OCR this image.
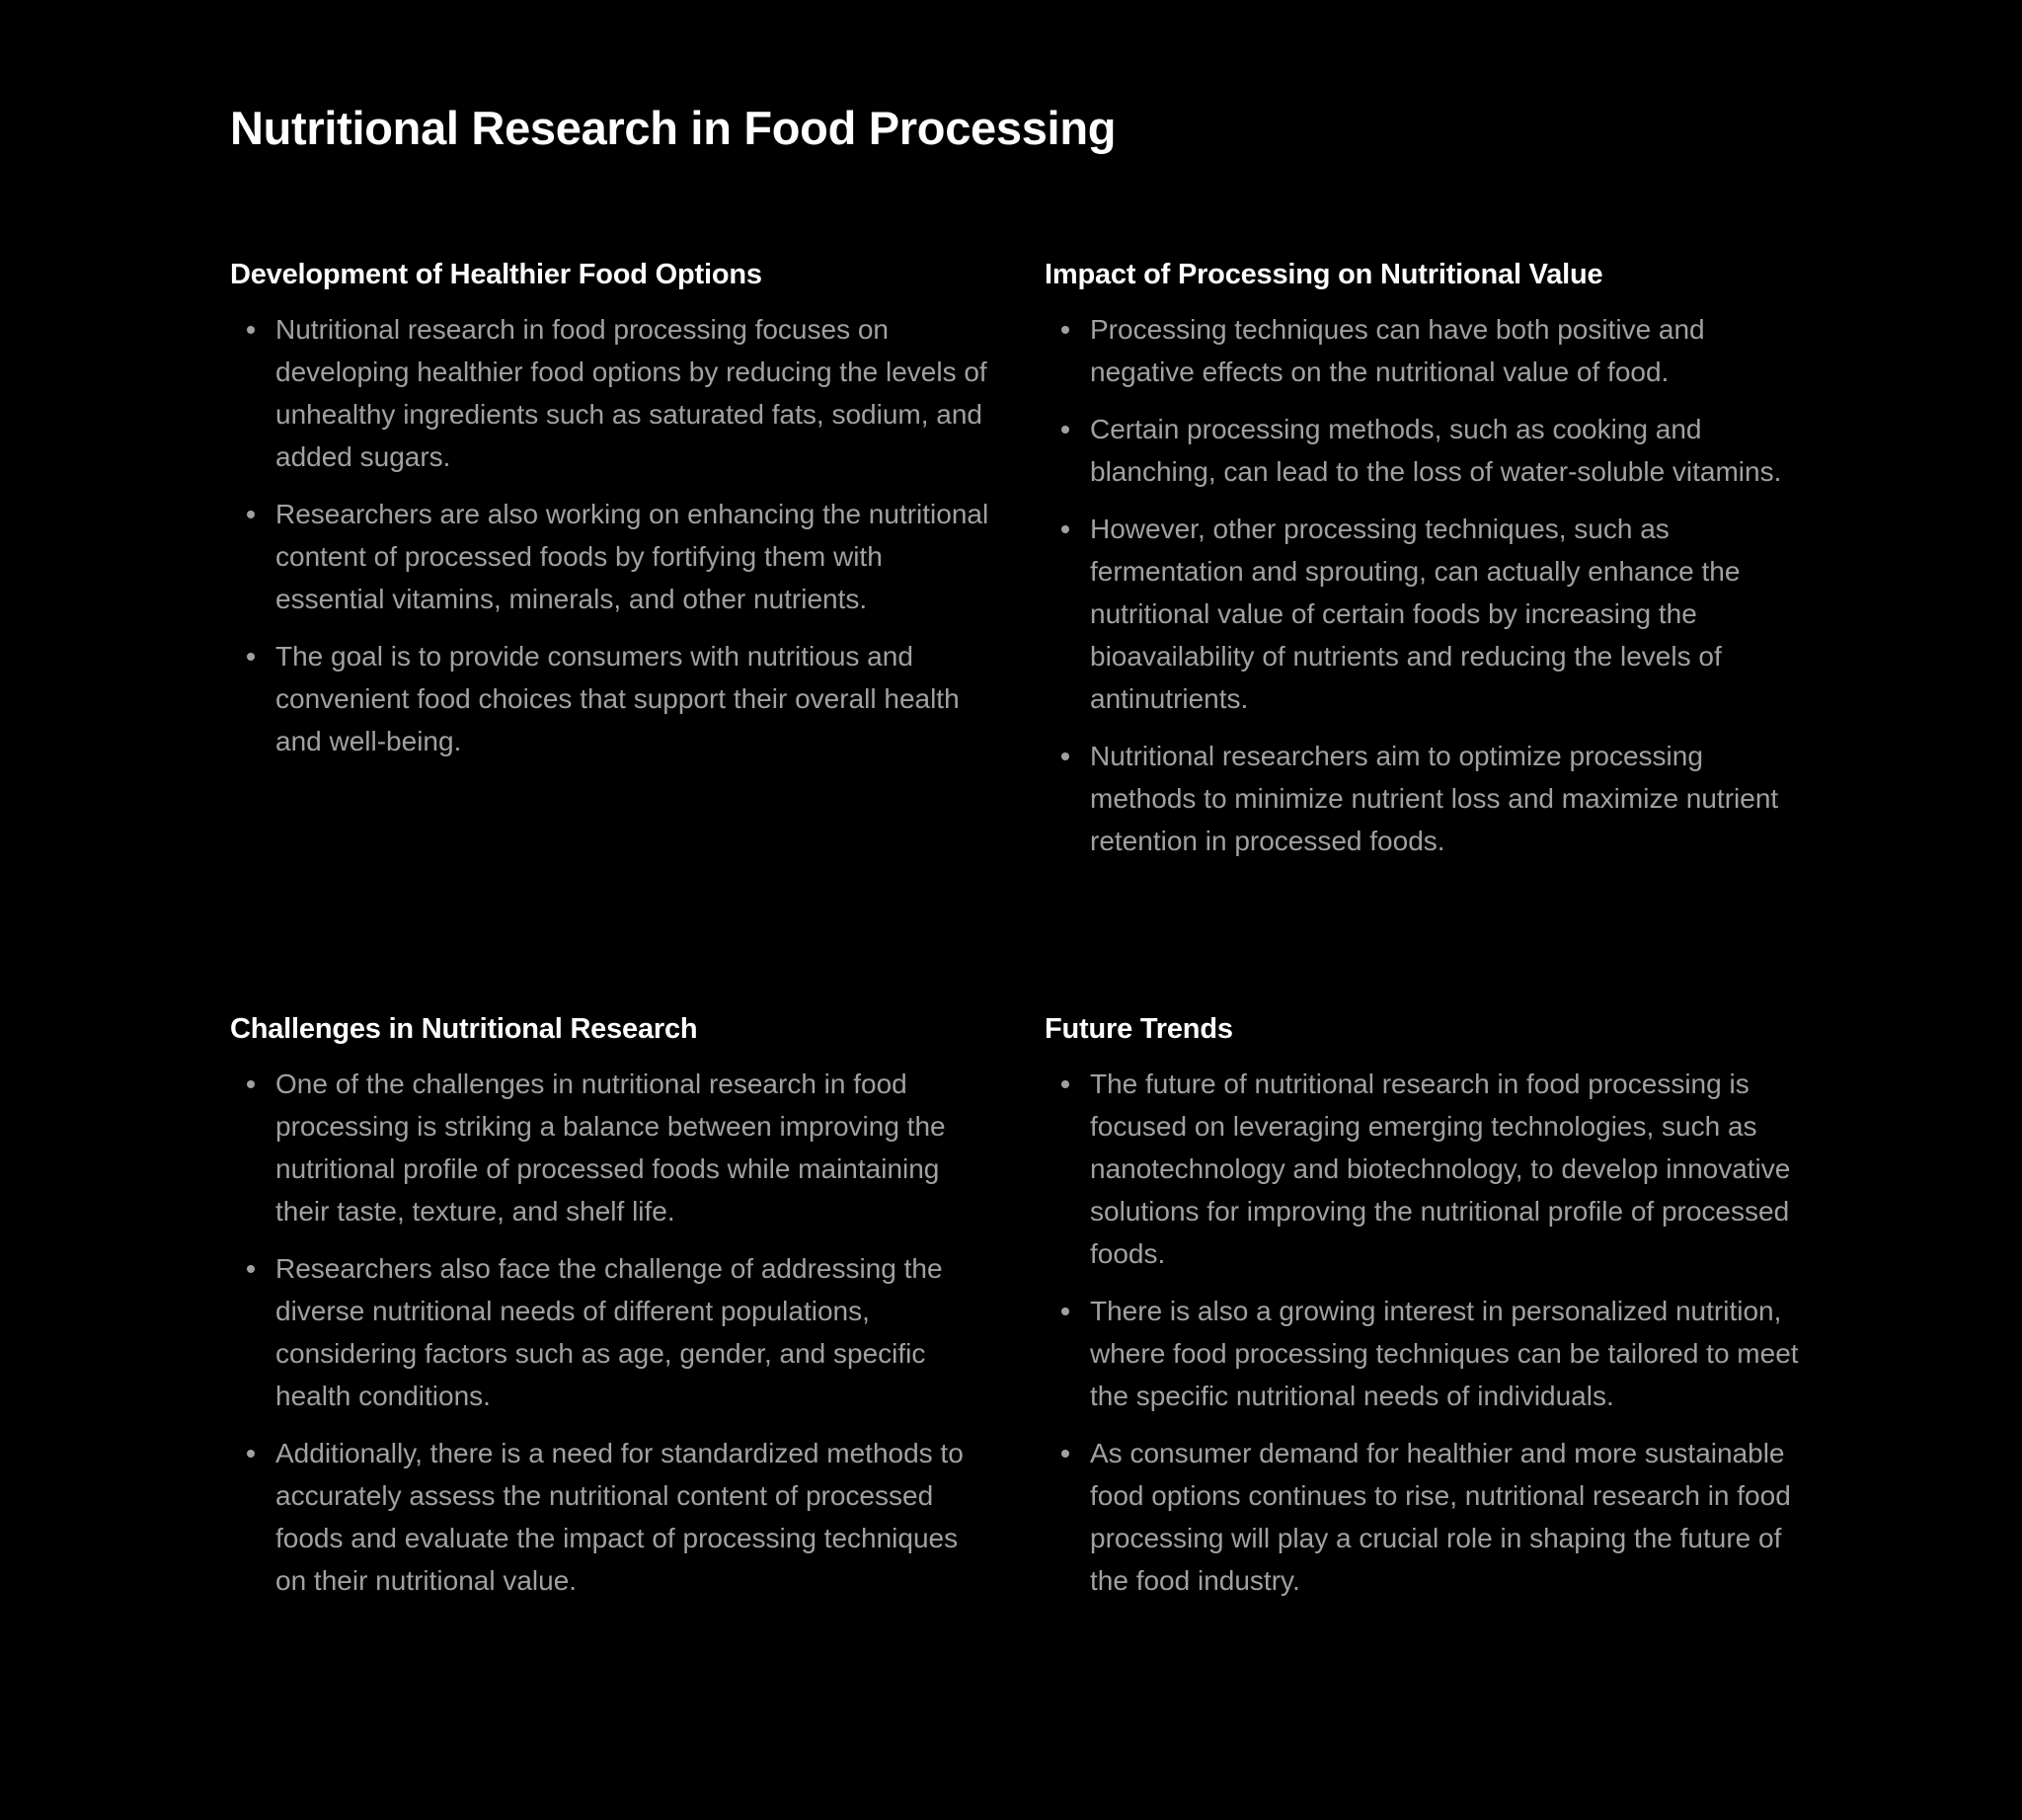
Nutritional Research in Food Processing
Development of Healthier Food Options
Nutritional research in food processing focuses on developing healthier food options by reducing the levels of unhealthy ingredients such as saturated fats, sodium, and added sugars.
Researchers are also working on enhancing the nutritional content of processed foods by fortifying them with essential vitamins, minerals, and other nutrients.
The goal is to provide consumers with nutritious and convenient food choices that support their overall health and well-being.
Impact of Processing on Nutritional Value
Processing techniques can have both positive and negative effects on the nutritional value of food.
Certain processing methods, such as cooking and blanching, can lead to the loss of water-soluble vitamins.
However, other processing techniques, such as fermentation and sprouting, can actually enhance the nutritional value of certain foods by increasing the bioavailability of nutrients and reducing the levels of antinutrients.
Nutritional researchers aim to optimize processing methods to minimize nutrient loss and maximize nutrient retention in processed foods.
Challenges in Nutritional Research
One of the challenges in nutritional research in food processing is striking a balance between improving the nutritional profile of processed foods while maintaining their taste, texture, and shelf life.
Researchers also face the challenge of addressing the diverse nutritional needs of different populations, considering factors such as age, gender, and specific health conditions.
Additionally, there is a need for standardized methods to accurately assess the nutritional content of processed foods and evaluate the impact of processing techniques on their nutritional value.
Future Trends
The future of nutritional research in food processing is focused on leveraging emerging technologies, such as nanotechnology and biotechnology, to develop innovative solutions for improving the nutritional profile of processed foods.
There is also a growing interest in personalized nutrition, where food processing techniques can be tailored to meet the specific nutritional needs of individuals.
As consumer demand for healthier and more sustainable food options continues to rise, nutritional research in food processing will play a crucial role in shaping the future of the food industry.
